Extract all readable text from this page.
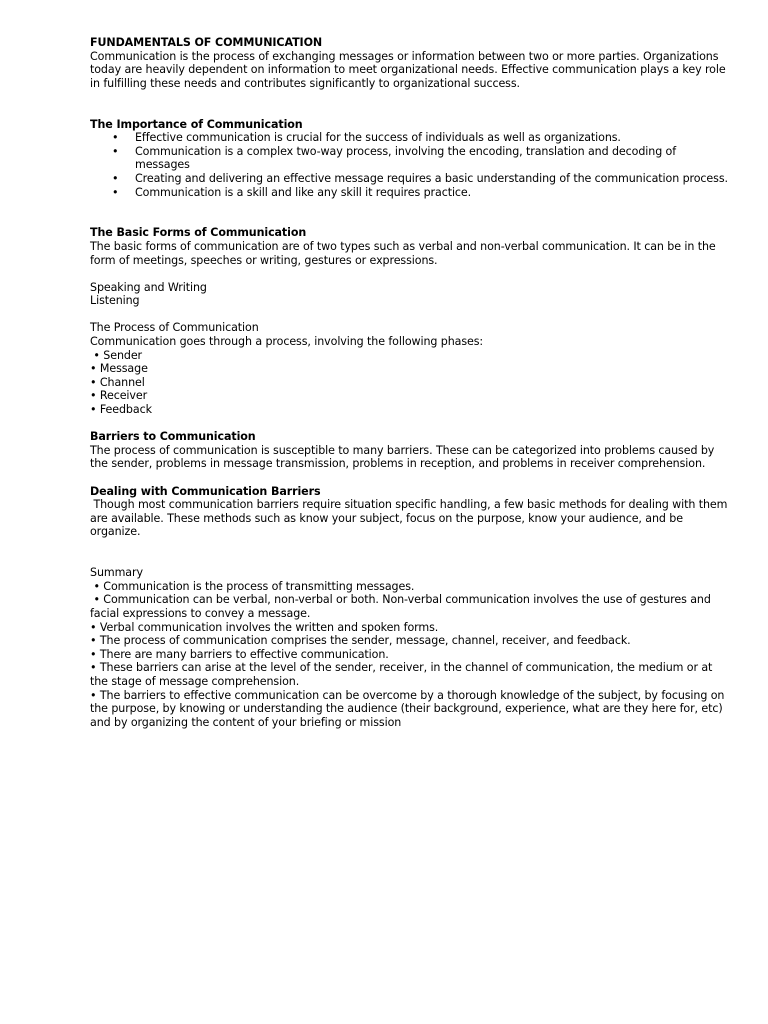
FUNDAMENTALS OF COMMUNICATION

Communication is the process of exchanging messages or information between two or more parties. Organizations today are heavily dependent on information to meet organizational needs. Effective communication plays a key role in fulfilling these needs and contributes significantly to organizational success.

The Importance of Communication

• Effective communication is crucial for the success of individuals as well as organizations.
• Communication is a complex two-way process, involving the encoding, translation and decoding of messages
• Creating and delivering an effective message requires a basic understanding of the communication process.
• Communication is a skill and like any skill it requires practice.

The Basic Forms of Communication

The basic forms of communication are of two types such as verbal and non-verbal communication. It can be in the form of meetings, speeches or writing, gestures or expressions.

Speaking and Writing

Listening

The Process of Communication

Communication goes through a process, involving the following phases:

• Sender
• Message
• Channel
• Receiver
• Feedback

Barriers to Communication

The process of communication is susceptible to many barriers. These can be categorized into problems caused by the sender, problems in message transmission, problems in reception, and problems in receiver comprehension.

Dealing with Communication Barriers

Though most communication barriers require situation specific handling, a few basic methods for dealing with them are available. These methods such as know your subject, focus on the purpose, know your audience, and be organize.

Summary

• Communication is the process of transmitting messages.
• Communication can be verbal, non-verbal or both. Non-verbal communication involves the use of gestures and facial expressions to convey a message.
• Verbal communication involves the written and spoken forms.
• The process of communication comprises the sender, message, channel, receiver, and feedback.
• There are many barriers to effective communication.
• These barriers can arise at the level of the sender, receiver, in the channel of communication, the medium or at the stage of message comprehension.
• The barriers to effective communication can be overcome by a thorough knowledge of the subject, by focusing on the purpose, by knowing or understanding the audience (their background, experience, what are they here for, etc) and by organizing the content of your briefing or mission
